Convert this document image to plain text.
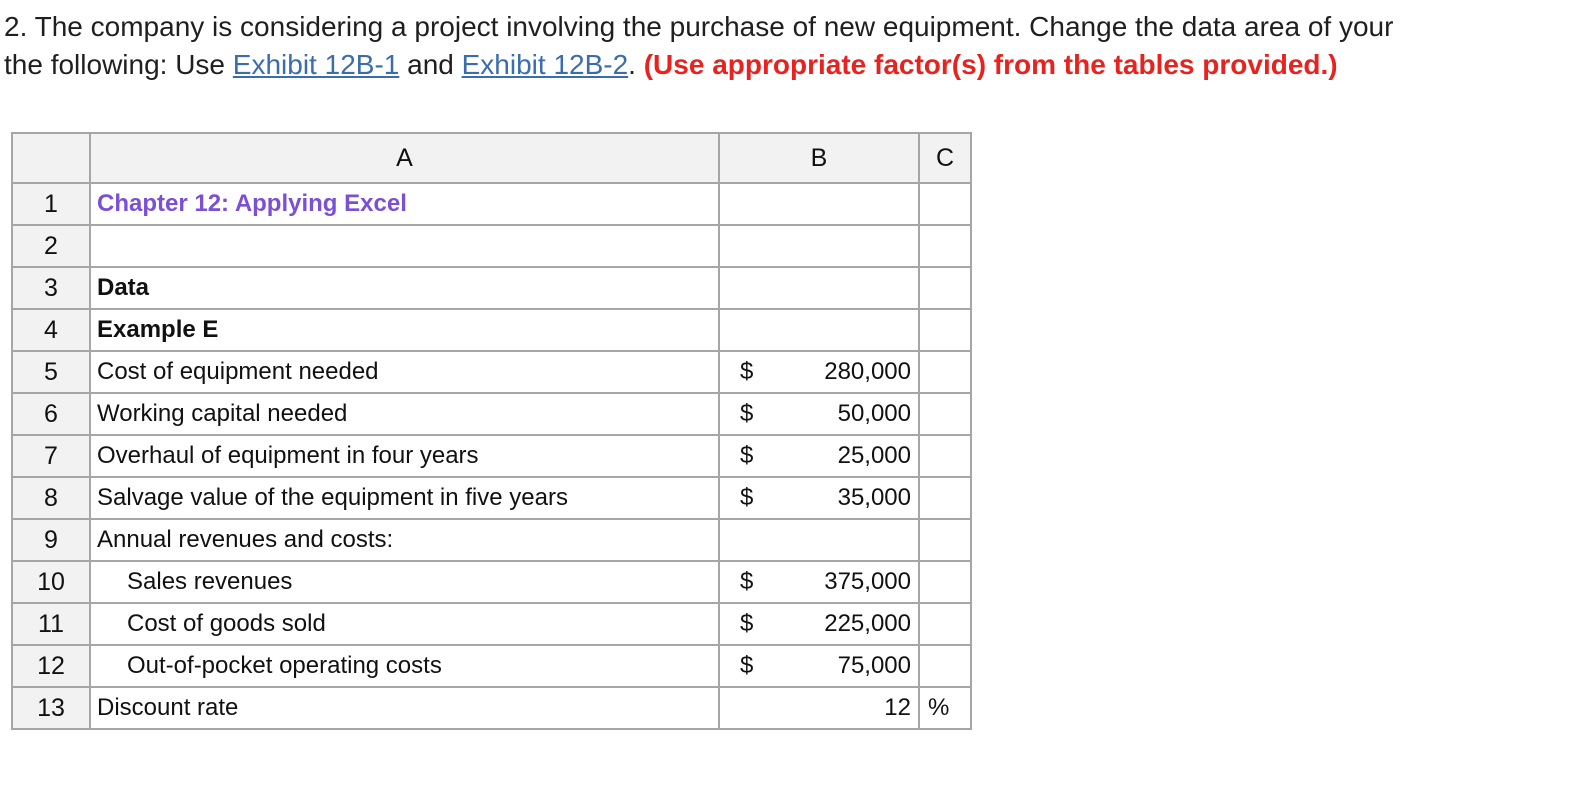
2. The company is considering a project involving the purchase of new equipment. Change the data area of your
the following: Use Exhibit 12B-1 and Exhibit 12B-2. (Use appropriate factor(s) from the tables provided.)
	A	B	C
1	Chapter 12: Applying Excel	

2		

3	Data	

4	Example E	

5	Cost of equipment needed	$ 280,000	

6	Working capital needed	$ 50,000	

7	Overhaul of equipment in four years	$ 25,000	

8	Salvage value of the equipment in five years	$ 35,000	

9	Annual revenues and costs:	

10	Sales revenues	$ 375,000	

11	Cost of goods sold	$ 225,000	

12	Out-of-pocket operating costs	$ 75,000	

13	Discount rate	12	%
